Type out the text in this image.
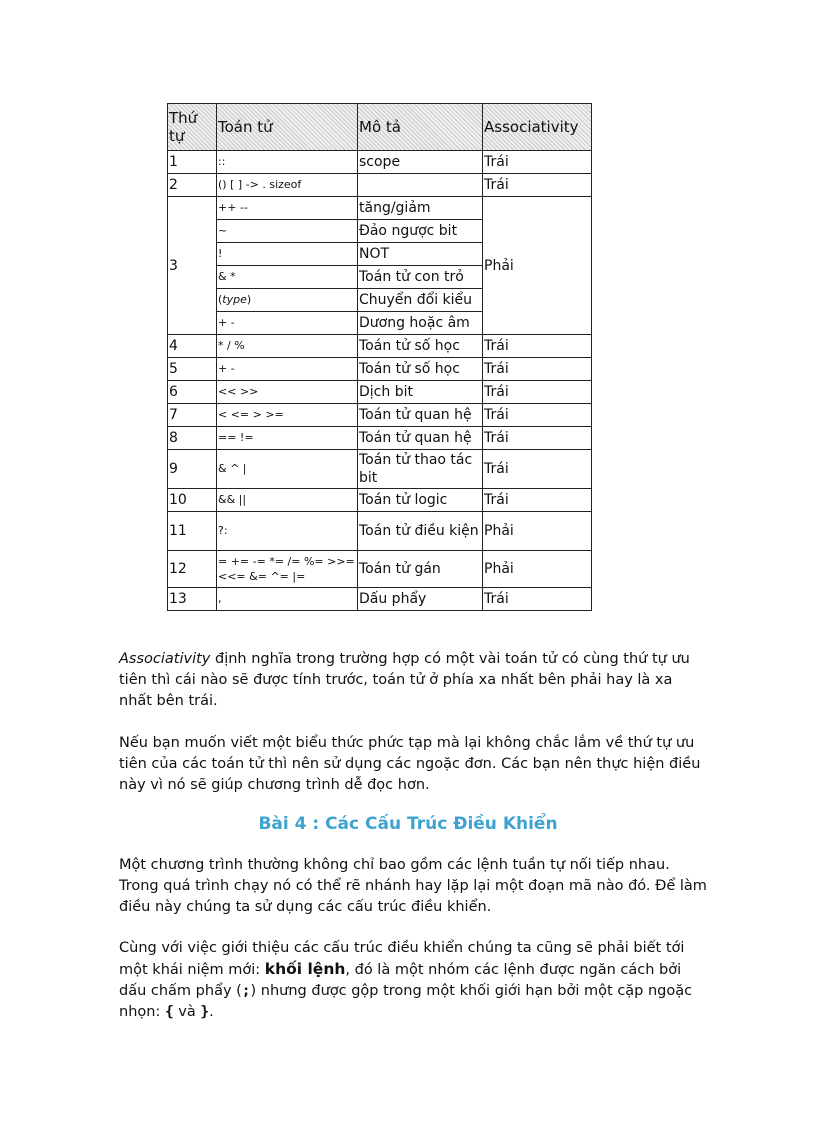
Thứ tự	Toán tử	Mô tả	Associativity
1	::	scope	Trái
2	() [ ] -> . sizeof		Trái
3	++ --	tăng/giảm	Phải
	~	Đảo ngược bit	
	!	NOT	
	& *	Toán tử con trỏ	
	(type)	Chuyển đổi kiểu	
	+ -	Dương hoặc âm	
4	* / %	Toán tử số học	Trái
5	+ -	Toán tử số học	Trái
6	<< >>	Dịch bit	Trái
7	< <= > >=	Toán tử quan hệ	Trái
8	== !=	Toán tử quan hệ	Trái
9	& ^ |	Toán tử thao tác bit	Trái
10	&& ||	Toán tử logic	Trái
11	?:	Toán tử điều kiện	Phải
12	= += -= *= /= %= >>= <<= &= ^= |=	Toán tử gán	Phải
13	,	Dấu phẩy	Trái

Associativity định nghĩa trong trường hợp có một vài toán tử có cùng thứ tự ưu tiên thì cái nào sẽ được tính trước, toán tử ở phía xa nhất bên phải hay là xa nhất bên trái.

Nếu bạn muốn viết một biểu thức phức tạp mà lại không chắc lắm về thứ tự ưu tiên của các toán tử thì nên sử dụng các ngoặc đơn. Các bạn nên thực hiện điều này vì nó sẽ giúp chương trình dễ đọc hơn.

Bài 4 : Các Cấu Trúc Điều Khiển

Một chương trình thường không chỉ bao gồm các lệnh tuần tự nối tiếp nhau. Trong quá trình chạy nó có thể rẽ nhánh hay lặp lại một đoạn mã nào đó. Để làm điều này chúng ta sử dụng các cấu trúc điều khiển.

Cùng với việc giới thiệu các cấu trúc điều khiển chúng ta cũng sẽ phải biết tới một khái niệm mới: khối lệnh, đó là một nhóm các lệnh được ngăn cách bởi dấu chấm phẩy (;) nhưng được gộp trong một khối giới hạn bởi một cặp ngoặc nhọn: { và }.
